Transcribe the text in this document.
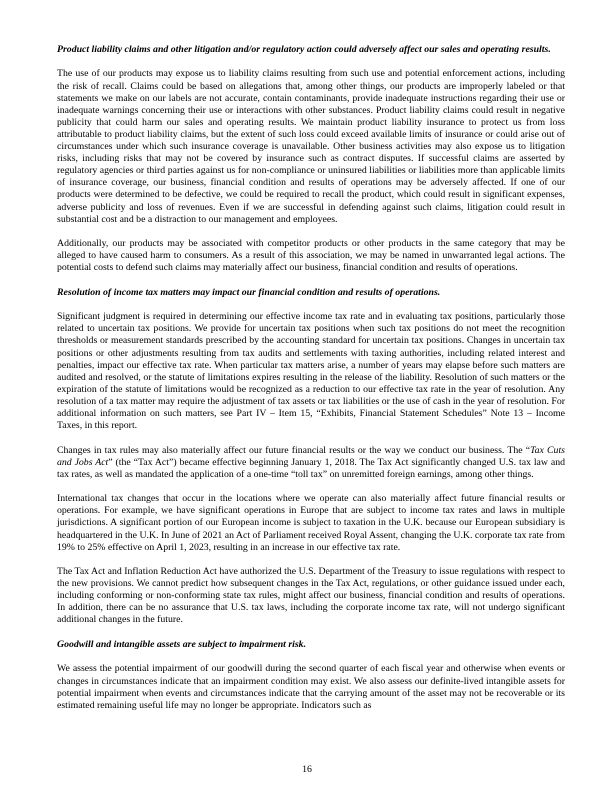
Product liability claims and other litigation and/or regulatory action could adversely affect our sales and operating results.

The use of our products may expose us to liability claims resulting from such use and potential enforcement actions, including the risk of recall. Claims could be based on allegations that, among other things, our products are improperly labeled or that statements we make on our labels are not accurate, contain contaminants, provide inadequate instructions regarding their use or inadequate warnings concerning their use or interactions with other substances. Product liability claims could result in negative publicity that could harm our sales and operating results. We maintain product liability insurance to protect us from loss attributable to product liability claims, but the extent of such loss could exceed available limits of insurance or could arise out of circumstances under which such insurance coverage is unavailable. Other business activities may also expose us to litigation risks, including risks that may not be covered by insurance such as contract disputes. If successful claims are asserted by regulatory agencies or third parties against us for non-compliance or uninsured liabilities or liabilities more than applicable limits of insurance coverage, our business, financial condition and results of operations may be adversely affected. If one of our products were determined to be defective, we could be required to recall the product, which could result in significant expenses, adverse publicity and loss of revenues. Even if we are successful in defending against such claims, litigation could result in substantial cost and be a distraction to our management and employees.

Additionally, our products may be associated with competitor products or other products in the same category that may be alleged to have caused harm to consumers. As a result of this association, we may be named in unwarranted legal actions. The potential costs to defend such claims may materially affect our business, financial condition and results of operations.

Resolution of income tax matters may impact our financial condition and results of operations.

Significant judgment is required in determining our effective income tax rate and in evaluating tax positions, particularly those related to uncertain tax positions. We provide for uncertain tax positions when such tax positions do not meet the recognition thresholds or measurement standards prescribed by the accounting standard for uncertain tax positions. Changes in uncertain tax positions or other adjustments resulting from tax audits and settlements with taxing authorities, including related interest and penalties, impact our effective tax rate. When particular tax matters arise, a number of years may elapse before such matters are audited and resolved, or the statute of limitations expires resulting in the release of the liability. Resolution of such matters or the expiration of the statute of limitations would be recognized as a reduction to our effective tax rate in the year of resolution. Any resolution of a tax matter may require the adjustment of tax assets or tax liabilities or the use of cash in the year of resolution. For additional information on such matters, see Part IV – Item 15, “Exhibits, Financial Statement Schedules” Note 13 – Income Taxes, in this report.

Changes in tax rules may also materially affect our future financial results or the way we conduct our business. The “Tax Cuts and Jobs Act” (the “Tax Act”) became effective beginning January 1, 2018. The Tax Act significantly changed U.S. tax law and tax rates, as well as mandated the application of a one-time “toll tax” on unremitted foreign earnings, among other things.

International tax changes that occur in the locations where we operate can also materially affect future financial results or operations. For example, we have significant operations in Europe that are subject to income tax rates and laws in multiple jurisdictions. A significant portion of our European income is subject to taxation in the U.K. because our European subsidiary is headquartered in the U.K. In June of 2021 an Act of Parliament received Royal Assent, changing the U.K. corporate tax rate from 19% to 25% effective on April 1, 2023, resulting in an increase in our effective tax rate.

The Tax Act and Inflation Reduction Act have authorized the U.S. Department of the Treasury to issue regulations with respect to the new provisions. We cannot predict how subsequent changes in the Tax Act, regulations, or other guidance issued under each, including conforming or non-conforming state tax rules, might affect our business, financial condition and results of operations. In addition, there can be no assurance that U.S. tax laws, including the corporate income tax rate, will not undergo significant additional changes in the future.

Goodwill and intangible assets are subject to impairment risk.

We assess the potential impairment of our goodwill during the second quarter of each fiscal year and otherwise when events or changes in circumstances indicate that an impairment condition may exist. We also assess our definite-lived intangible assets for potential impairment when events and circumstances indicate that the carrying amount of the asset may not be recoverable or its estimated remaining useful life may no longer be appropriate. Indicators such as

16
